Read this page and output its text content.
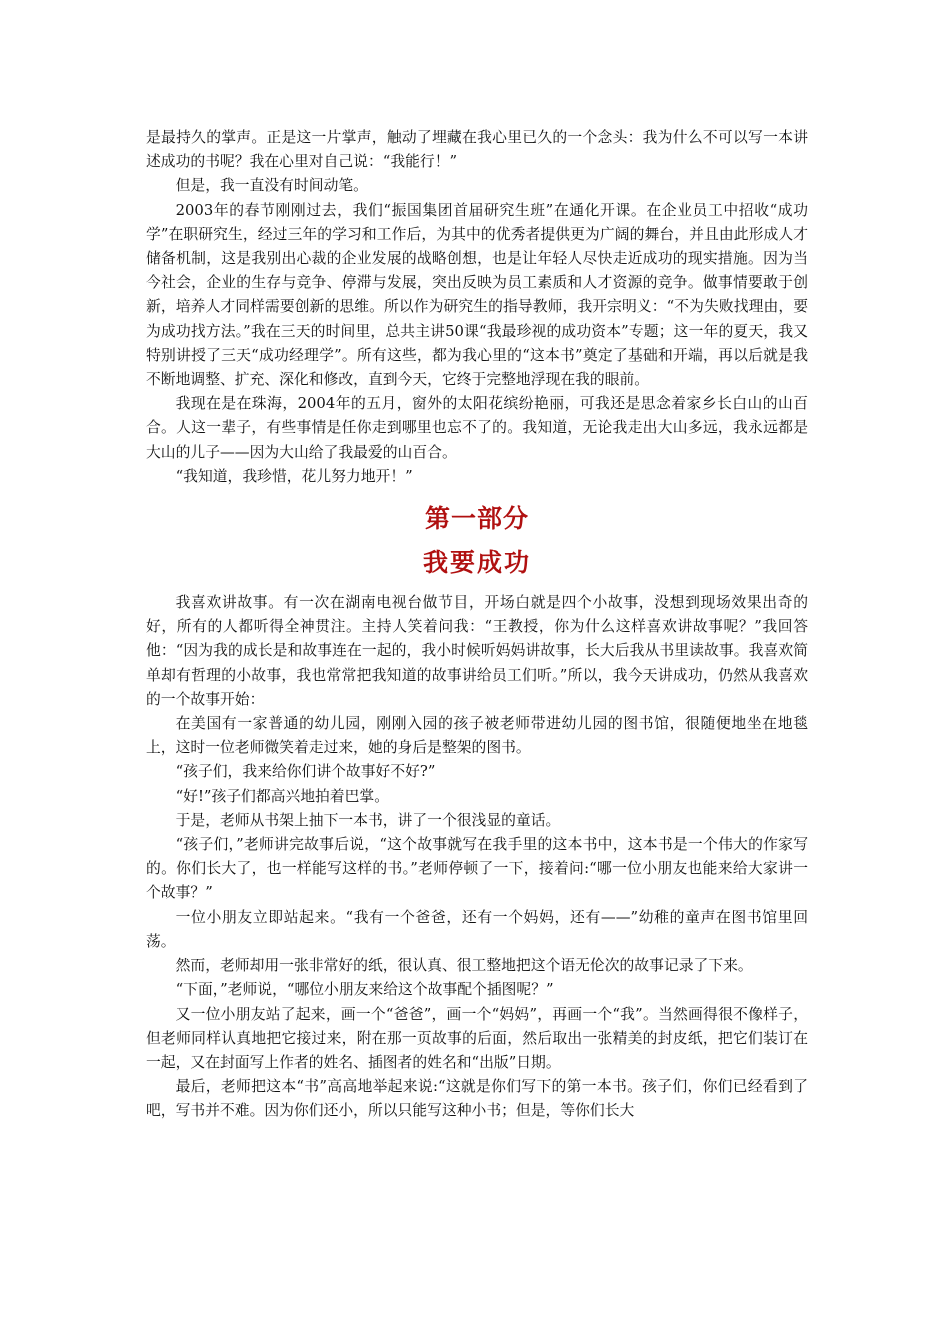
是最持久的掌声。正是这一片掌声，触动了埋藏在我心里已久的一个念头：我为什么不可以写一本讲述成功的书呢？我在心里对自己说：“我能行！”

但是，我一直没有时间动笔。

2003年的春节刚刚过去，我们“振国集团首届研究生班”在通化开课。在企业员工中招收“成功学”在职研究生，经过三年的学习和工作后，为其中的优秀者提供更为广阔的舞台，并且由此形成人才储备机制，这是我别出心裁的企业发展的战略创想，也是让年轻人尽快走近成功的现实措施。因为当今社会，企业的生存与竞争、停滞与发展，突出反映为员工素质和人才资源的竞争。做事情要敢于创新，培养人才同样需要创新的思维。所以作为研究生的指导教师，我开宗明义：“不为失败找理由，要为成功找方法。”我在三天的时间里，总共主讲50课“我最珍视的成功资本”专题；这一年的夏天，我又特别讲授了三天“成功经理学”。所有这些，都为我心里的“这本书”奠定了基础和开端，再以后就是我不断地调整、扩充、深化和修改，直到今天，它终于完整地浮现在我的眼前。

我现在是在珠海，2004年的五月，窗外的太阳花缤纷艳丽，可我还是思念着家乡长白山的山百合。人这一辈子，有些事情是任你走到哪里也忘不了的。我知道，无论我走出大山多远，我永远都是大山的儿子——因为大山给了我最爱的山百合。

“我知道，我珍惜，花儿努力地开！”

第一部分
我要成功

我喜欢讲故事。有一次在湖南电视台做节目，开场白就是四个小故事，没想到现场效果出奇的好，所有的人都听得全神贯注。主持人笑着问我：“王教授，你为什么这样喜欢讲故事呢？”我回答他：“因为我的成长是和故事连在一起的，我小时候听妈妈讲故事，长大后我从书里读故事。我喜欢简单却有哲理的小故事，我也常常把我知道的故事讲给员工们听。”所以，我今天讲成功，仍然从我喜欢的一个故事开始：

在美国有一家普通的幼儿园，刚刚入园的孩子被老师带进幼儿园的图书馆，很随便地坐在地毯上，这时一位老师微笑着走过来，她的身后是整架的图书。

“孩子们，我来给你们讲个故事好不好?”

“好!”孩子们都高兴地拍着巴掌。

于是，老师从书架上抽下一本书，讲了一个很浅显的童话。

“孩子们，”老师讲完故事后说，“这个故事就写在我手里的这本书中，这本书是一个伟大的作家写的。你们长大了，也一样能写这样的书。”老师停顿了一下，接着问:“哪一位小朋友也能来给大家讲一个故事？”

一位小朋友立即站起来。“我有一个爸爸，还有一个妈妈，还有——”幼稚的童声在图书馆里回荡。

然而，老师却用一张非常好的纸，很认真、很工整地把这个语无伦次的故事记录了下来。

“下面，”老师说，“哪位小朋友来给这个故事配个插图呢？”

又一位小朋友站了起来，画一个“爸爸”，画一个“妈妈”，再画一个“我”。当然画得很不像样子，但老师同样认真地把它接过来，附在那一页故事的后面，然后取出一张精美的封皮纸，把它们装订在一起，又在封面写上作者的姓名、插图者的姓名和“出版”日期。

最后，老师把这本“书”高高地举起来说:“这就是你们写下的第一本书。孩子们，你们已经看到了吧，写书并不难。因为你们还小，所以只能写这种小书；但是，等你们长大
